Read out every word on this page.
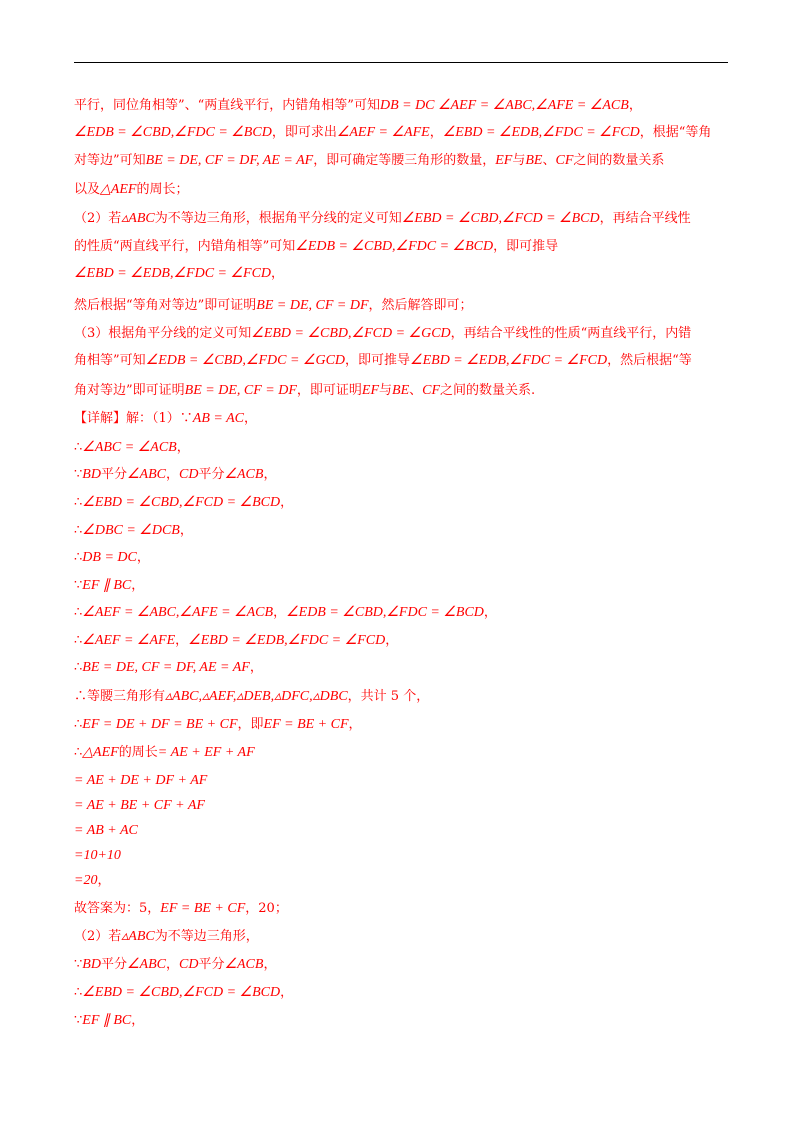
平行，同位角相等”、“两直线平行，内错角相等”可知DB = DC ∠AEF = ∠ABC,∠AFE = ∠ACB，
∠EDB = ∠CBD,∠FDC = ∠BCD，即可求出∠AEF = ∠AFE，∠EBD = ∠EDB,∠FDC = ∠FCD，根据“等角
对等边”可知BE = DE, CF = DF, AE = AF，即可确定等腰三角形的数量，EF与BE、CF之间的数量关系
以及△AEF的周长；
（2）若▵ABC为不等边三角形，根据角平分线的定义可知∠EBD = ∠CBD,∠FCD = ∠BCD，再结合平线性
的性质“两直线平行，内错角相等”可知∠EDB = ∠CBD,∠FDC = ∠BCD，即可推导
∠EBD = ∠EDB,∠FDC = ∠FCD，
然后根据“等角对等边”即可证明BE = DE, CF = DF，然后解答即可；
（3）根据角平分线的定义可知∠EBD = ∠CBD,∠FCD = ∠GCD，再结合平线性的性质“两直线平行，内错
角相等”可知∠EDB = ∠CBD,∠FDC = ∠GCD，即可推导∠EBD = ∠EDB,∠FDC = ∠FCD，然后根据“等
角对等边”即可证明BE = DE, CF = DF，即可证明EF与BE、CF之间的数量关系.
【详解】解：（1）∵AB = AC，
∴∠ABC = ∠ACB，
∵BD平分∠ABC，CD平分∠ACB，
∴∠EBD = ∠CBD,∠FCD = ∠BCD，
∴∠DBC = ∠DCB，
∴DB = DC，
∵EF ∥ BC，
∴∠AEF = ∠ABC,∠AFE = ∠ACB，∠EDB = ∠CBD,∠FDC = ∠BCD，
∴∠AEF = ∠AFE，∠EBD = ∠EDB,∠FDC = ∠FCD，
∴BE = DE, CF = DF, AE = AF，
∴等腰三角形有▵ABC,▵AEF,▵DEB,▵DFC,▵DBC，共计 5 个，
∴EF = DE + DF = BE + CF，即EF = BE + CF，
∴△AEF的周长= AE + EF + AF
= AE + DE + DF + AF
= AE + BE + CF + AF
= AB + AC
=10+10
=20，
故答案为：5，EF = BE + CF，20；
（2）若▵ABC为不等边三角形，
∵BD平分∠ABC，CD平分∠ACB，
∴∠EBD = ∠CBD,∠FCD = ∠BCD，
∵EF ∥ BC，
